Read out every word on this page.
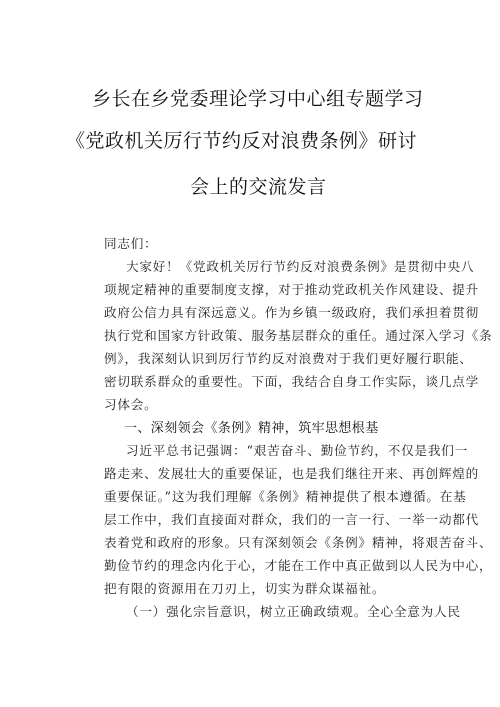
乡长在乡党委理论学习中心组专题学习
《党政机关厉行节约反对浪费条例》研讨
会上的交流发言
同志们：
大家好！《党政机关厉行节约反对浪费条例》是贯彻中央八
项规定精神的重要制度支撑，对于推动党政机关作风建设、提升
政府公信力具有深远意义。作为乡镇一级政府，我们承担着贯彻
执行党和国家方针政策、服务基层群众的重任。通过深入学习《条
例》，我深刻认识到厉行节约反对浪费对于我们更好履行职能、
密切联系群众的重要性。下面，我结合自身工作实际，谈几点学
习体会。
一、深刻领会《条例》精神，筑牢思想根基
习近平总书记强调：“艰苦奋斗、勤俭节约，不仅是我们一
路走来、发展壮大的重要保证，也是我们继往开来、再创辉煌的
重要保证。”这为我们理解《条例》精神提供了根本遵循。在基
层工作中，我们直接面对群众，我们的一言一行、一举一动都代
表着党和政府的形象。只有深刻领会《条例》精神，将艰苦奋斗、
勤俭节约的理念内化于心，才能在工作中真正做到以人民为中心，
把有限的资源用在刀刃上，切实为群众谋福祉。
（一）强化宗旨意识，树立正确政绩观。全心全意为人民
